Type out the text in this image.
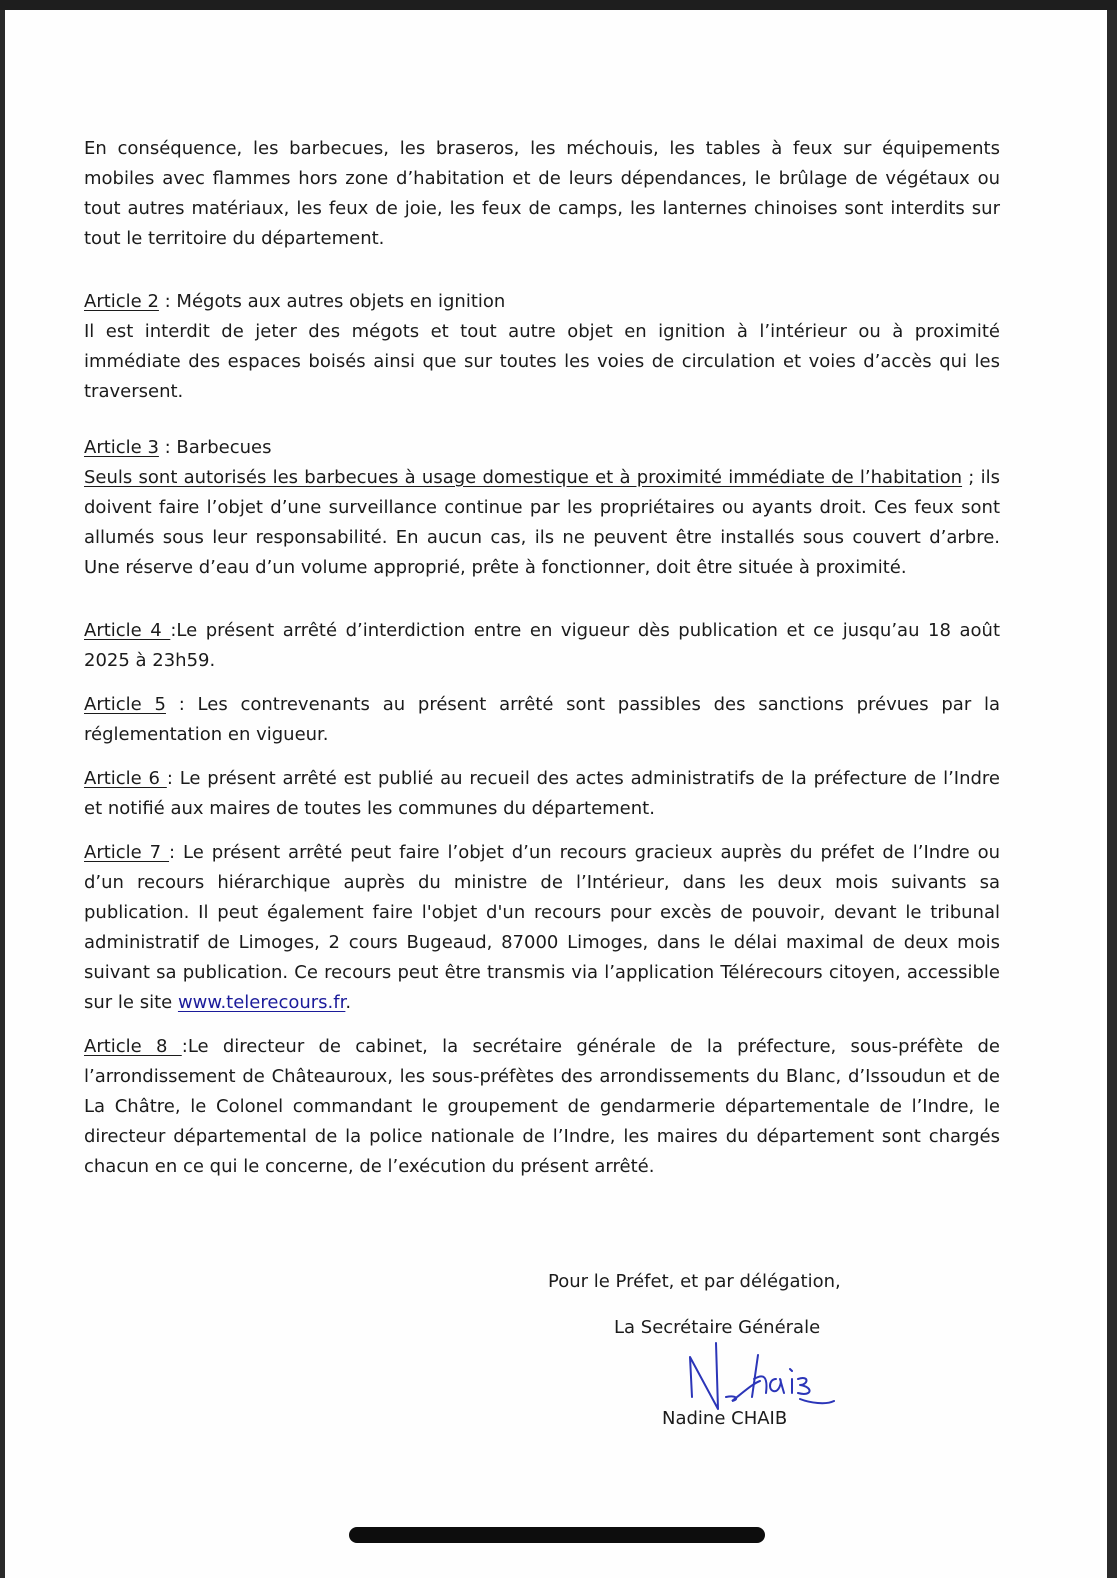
En conséquence, les barbecues, les braseros, les méchouis, les tables à feux sur équipements mobiles avec flammes hors zone d’habitation et de leurs dépendances, le brûlage de végétaux ou tout autres matériaux, les feux de joie, les feux de camps, les lanternes chinoises sont interdits sur tout le territoire du département.

Article 2 : Mégots aux autres objets en ignition
Il est interdit de jeter des mégots et tout autre objet en ignition à l’intérieur ou à proximité immédiate des espaces boisés ainsi que sur toutes les voies de circulation et voies d’accès qui les traversent.

Article 3 : Barbecues
Seuls sont autorisés les barbecues à usage domestique et à proximité immédiate de l’habitation ; ils doivent faire l’objet d’une surveillance continue par les propriétaires ou ayants droit. Ces feux sont allumés sous leur responsabilité. En aucun cas, ils ne peuvent être installés sous couvert d’arbre. Une réserve d’eau d’un volume approprié, prête à fonctionner, doit être située à proximité.

Article 4 :Le présent arrêté d’interdiction entre en vigueur dès publication et ce jusqu’au 18 août 2025 à 23h59.

Article 5 : Les contrevenants au présent arrêté sont passibles des sanctions prévues par la réglementation en vigueur.

Article 6 : Le présent arrêté est publié au recueil des actes administratifs de la préfecture de l’Indre et notifié aux maires de toutes les communes du département.

Article 7 : Le présent arrêté peut faire l’objet d’un recours gracieux auprès du préfet de l’Indre ou d’un recours hiérarchique auprès du ministre de l’Intérieur, dans les deux mois suivants sa publication. Il peut également faire l'objet d'un recours pour excès de pouvoir, devant le tribunal administratif de Limoges, 2 cours Bugeaud, 87000 Limoges, dans le délai maximal de deux mois suivant sa publication. Ce recours peut être transmis via l’application Télérecours citoyen, accessible sur le site www.telerecours.fr.

Article 8 :Le directeur de cabinet, la secrétaire générale de la préfecture, sous-préfète de l’arrondissement de Châteauroux, les sous-préfètes des arrondissements du Blanc, d’Issoudun et de La Châtre, le Colonel commandant le groupement de gendarmerie départementale de l’Indre, le directeur départemental de la police nationale de l’Indre, les maires du département sont chargés chacun en ce qui le concerne, de l’exécution du présent arrêté.

Pour le Préfet, et par délégation,
La Secrétaire Générale
Nadine CHAIB
